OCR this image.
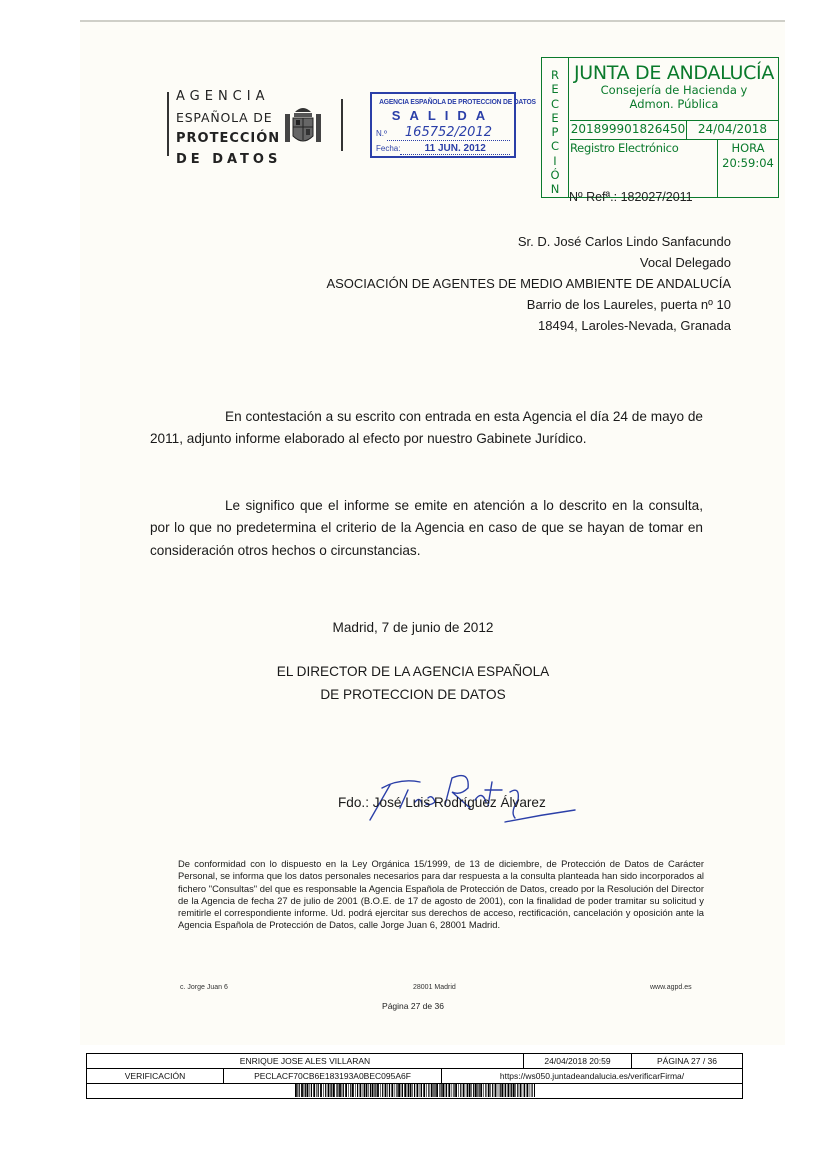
AGENCIA
ESPAÑOLA DE
PROTECCIÓN
DE DATOS
AGENCIA ESPAÑOLA DE PROTECCION DE DATOS
SALIDA
N.º	165752/2012
Fecha:	11 JUN. 2012
R
E
C
E
P
C
I
Ó
N
JUNTA DE ANDALUCÍA
Consejería de Hacienda y
Admon. Pública
201899901826450	24/04/2018
Registro Electrónico	HORA
20:59:04
Nº Refª.: 182027/2011
Sr. D. José Carlos Lindo Sanfacundo
Vocal Delegado
ASOCIACIÓN DE AGENTES DE MEDIO AMBIENTE DE ANDALUCÍA
Barrio de los Laureles, puerta nº 10
18494, Laroles-Nevada, Granada

En contestación a su escrito con entrada en esta Agencia el día 24 de mayo de 2011, adjunto informe elaborado al efecto por nuestro Gabinete Jurídico.

Le significo que el informe se emite en atención a lo descrito en la consulta, por lo que no predetermina el criterio de la Agencia en caso de que se hayan de tomar en consideración otros hechos o circunstancias.

Madrid, 7 de junio de 2012
EL DIRECTOR DE LA AGENCIA ESPAÑOLA
DE PROTECCION DE DATOS
Fdo.: José Luis Rodríguez Álvarez

De conformidad con lo dispuesto en la Ley Orgánica 15/1999, de 13 de diciembre, de Protección de Datos de Carácter Personal, se informa que los datos personales necesarios para dar respuesta a la consulta planteada han sido incorporados al fichero "Consultas" del que es responsable la Agencia Española de Protección de Datos, creado por la Resolución del Director de la Agencia de fecha 27 de julio de 2001 (B.O.E. de 17 de agosto de 2001), con la finalidad de poder tramitar su solicitud y remitirle el correspondiente informe. Ud. podrá ejercitar sus derechos de acceso, rectificación, cancelación y oposición ante la Agencia Española de Protección de Datos, calle Jorge Juan 6, 28001 Madrid.

c. Jorge Juan 6	28001 Madrid	www.agpd.es
Página 27 de 36
ENRIQUE JOSE ALES VILLARAN	24/04/2018 20:59	PÁGINA 27 / 36
VERIFICACIÓN	PECLACF70CB6E183193A0BEC095A6F	https://ws050.juntadeandalucia.es/verificarFirma/
